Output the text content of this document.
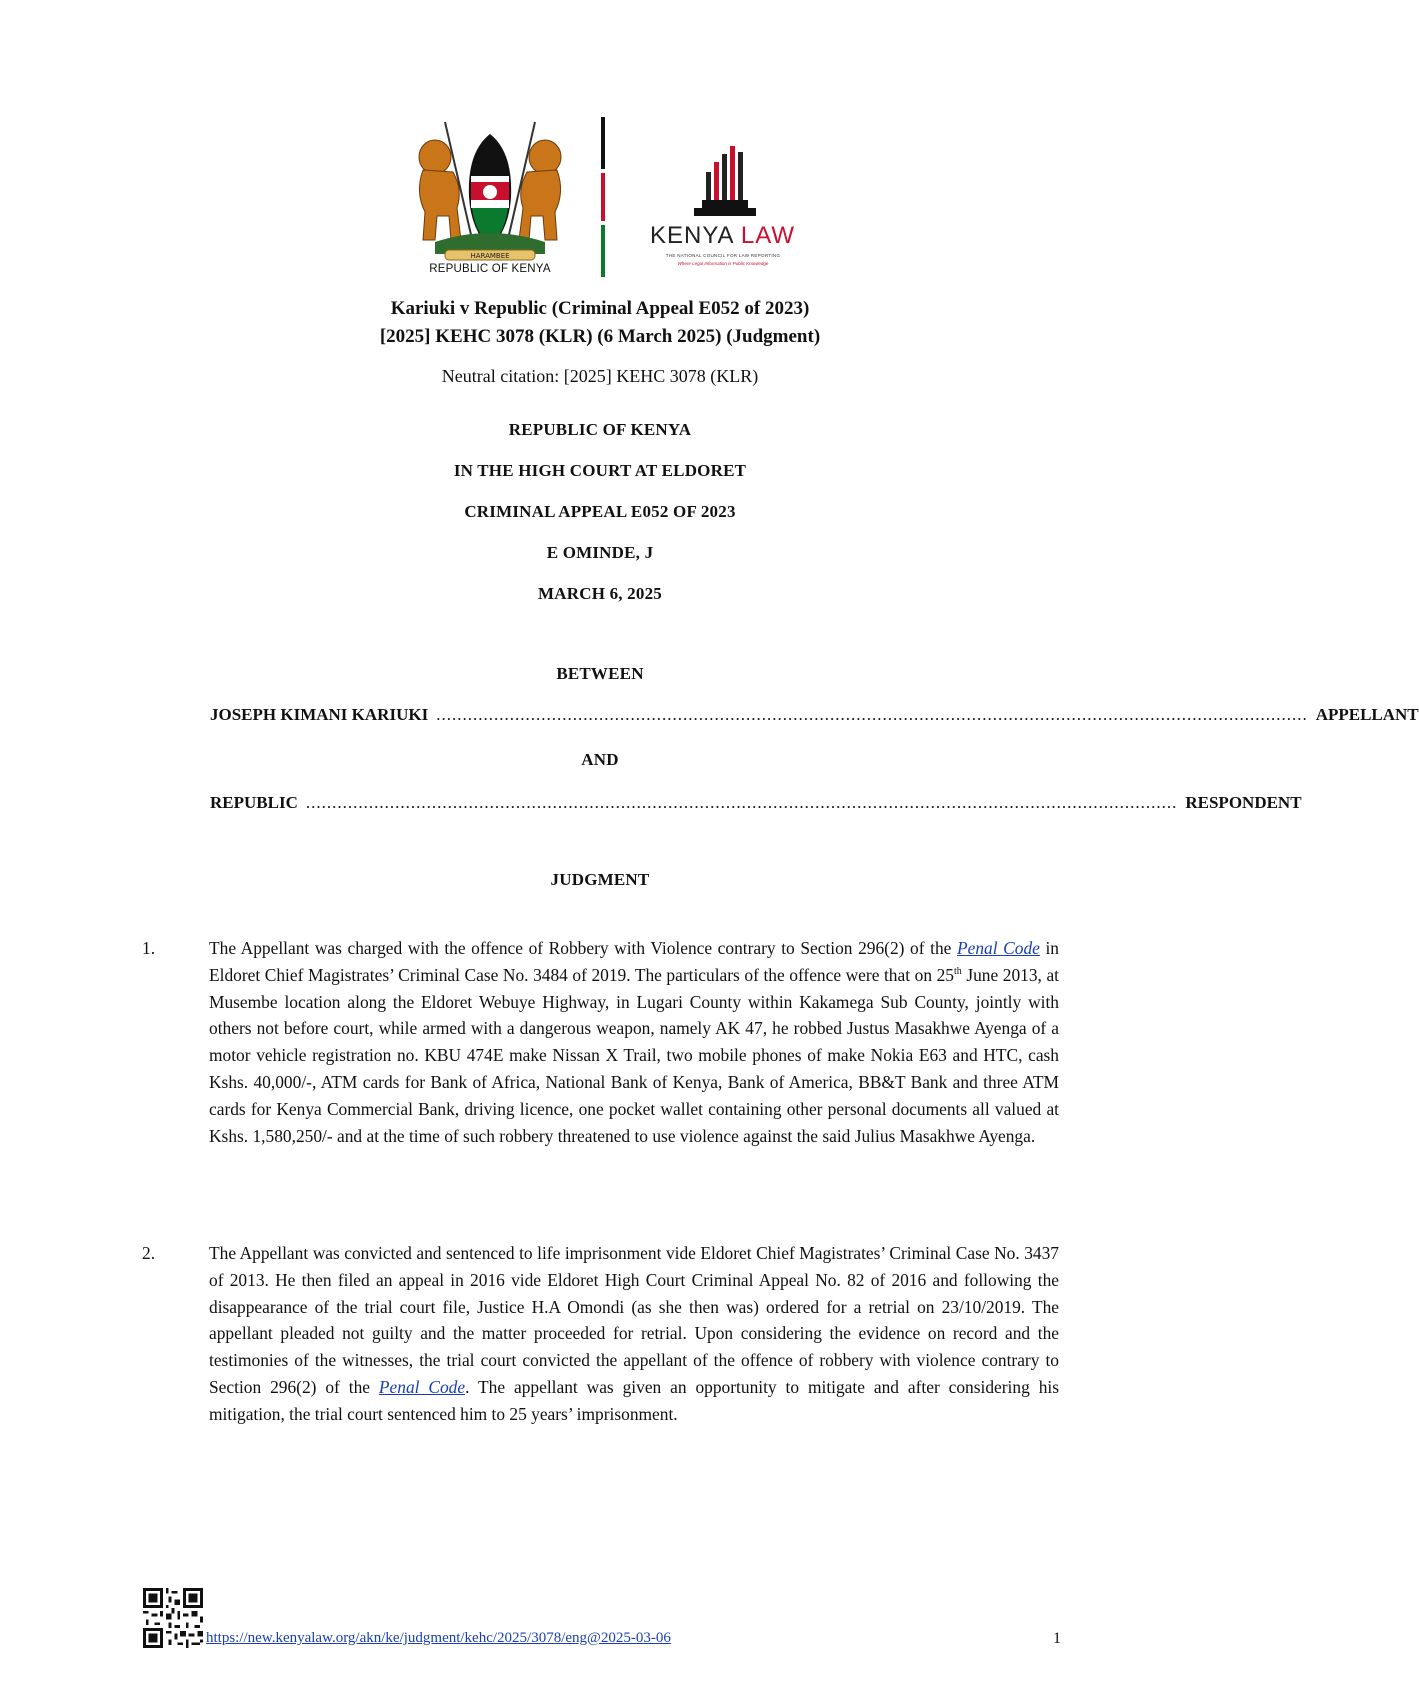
HARAMBEE
REPUBLIC OF KENYA
KENYA LAW
THE NATIONAL COUNCIL FOR LAW REPORTING
Where Legal Information is Public Knowledge
Kariuki v Republic (Criminal Appeal E052 of 2023)
[2025] KEHC 3078 (KLR) (6 March 2025) (Judgment)
Neutral citation: [2025] KEHC 3078 (KLR)
REPUBLIC OF KENYA
IN THE HIGH COURT AT ELDORET
CRIMINAL APPEAL E052 OF 2023
E OMINDE, J
MARCH 6, 2025
BETWEEN
JOSEPH KIMANI KARIUKI ...................................................................................................................................................................... APPELLANT
AND
REPUBLIC ...................................................................................................................................................................... RESPONDENT
JUDGMENT
1.	The Appellant was charged with the offence of Robbery with Violence contrary to Section 296(2) of the Penal Code in Eldoret Chief Magistrates’ Criminal Case No. 3484 of 2019. The particulars of the offence were that on 25th June 2013, at Musembe location along the Eldoret Webuye Highway, in Lugari County within Kakamega Sub County, jointly with others not before court, while armed with a dangerous weapon, namely AK 47, he robbed Justus Masakhwe Ayenga of a motor vehicle registration no. KBU 474E make Nissan X Trail, two mobile phones of make Nokia E63 and HTC, cash Kshs. 40,000/-, ATM cards for Bank of Africa, National Bank of Kenya, Bank of America, BB&T Bank and three ATM cards for Kenya Commercial Bank, driving licence, one pocket wallet containing other personal documents all valued at Kshs. 1,580,250/- and at the time of such robbery threatened to use violence against the said Julius Masakhwe Ayenga.
2.	The Appellant was convicted and sentenced to life imprisonment vide Eldoret Chief Magistrates’ Criminal Case No. 3437 of 2013. He then filed an appeal in 2016 vide Eldoret High Court Criminal Appeal No. 82 of 2016 and following the disappearance of the trial court file, Justice H.A Omondi (as she then was) ordered for a retrial on 23/10/2019. The appellant pleaded not guilty and the matter proceeded for retrial. Upon considering the evidence on record and the testimonies of the witnesses, the trial court convicted the appellant of the offence of robbery with violence contrary to Section 296(2) of the Penal Code. The appellant was given an opportunity to mitigate and after considering his mitigation, the trial court sentenced him to 25 years’ imprisonment.
https://new.kenyalaw.org/akn/ke/judgment/kehc/2025/3078/eng@2025-03-06	1
